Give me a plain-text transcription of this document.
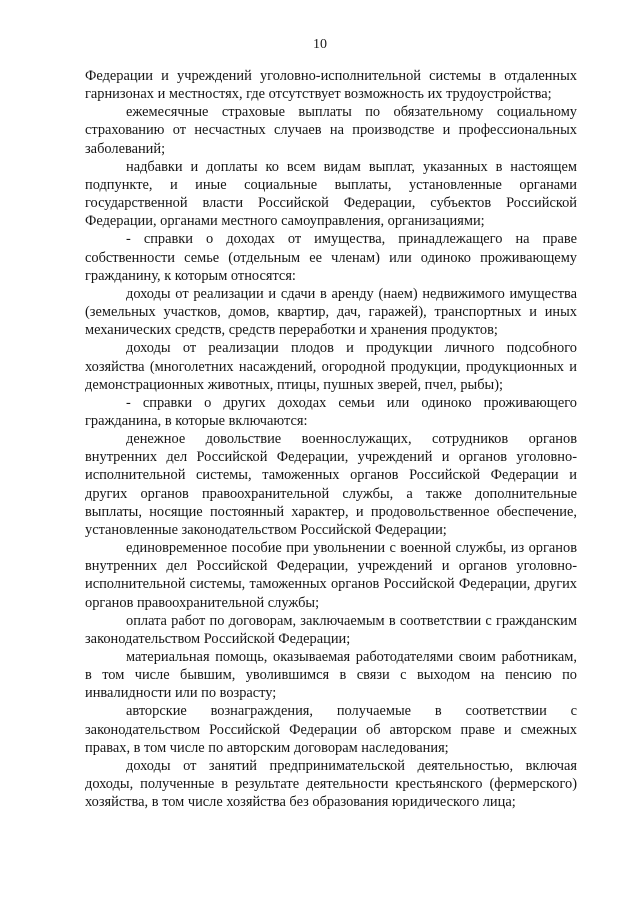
10

Федерации и учреждений уголовно-исполнительной системы в отдаленных гарнизонах и местностях, где отсутствует возможность их трудоустройства;

ежемесячные страховые выплаты по обязательному социальному страхованию от несчастных случаев на производстве и профессиональных заболеваний;

надбавки и доплаты ко всем видам выплат, указанных в настоящем подпункте, и иные социальные выплаты, установленные органами государственной власти Российской Федерации, субъектов Российской Федерации, органами местного самоуправления, организациями;

- справки о доходах от имущества, принадлежащего на праве собственности семье (отдельным ее членам) или одиноко проживающему гражданину, к которым относятся:

доходы от реализации и сдачи в аренду (наем) недвижимого имущества (земельных участков, домов, квартир, дач, гаражей), транспортных и иных механических средств, средств переработки и хранения продуктов;

доходы от реализации плодов и продукции личного подсобного хозяйства (многолетних насаждений, огородной продукции, продукционных и демонстрационных животных, птицы, пушных зверей, пчел, рыбы);

- справки о других доходах семьи или одиноко проживающего гражданина, в которые включаются:

денежное довольствие военнослужащих, сотрудников органов внутренних дел Российской Федерации, учреждений и органов уголовно-исполнительной системы, таможенных органов Российской Федерации и других органов правоохранительной службы, а также дополнительные выплаты, носящие постоянный характер, и продовольственное обеспечение, установленные законодательством Российской Федерации;

единовременное пособие при увольнении с военной службы, из органов внутренних дел Российской Федерации, учреждений и органов уголовно-исполнительной системы, таможенных органов Российской Федерации, других органов правоохранительной службы;

оплата работ по договорам, заключаемым в соответствии с гражданским законодательством Российской Федерации;

материальная помощь, оказываемая работодателями своим работникам, в том числе бывшим, уволившимся в связи с выходом на пенсию по инвалидности или по возрасту;

авторские вознаграждения, получаемые в соответствии с законодательством Российской Федерации об авторском праве и смежных правах, в том числе по авторским договорам наследования;

доходы от занятий предпринимательской деятельностью, включая доходы, полученные в результате деятельности крестьянского (фермерского) хозяйства, в том числе хозяйства без образования юридического лица;
